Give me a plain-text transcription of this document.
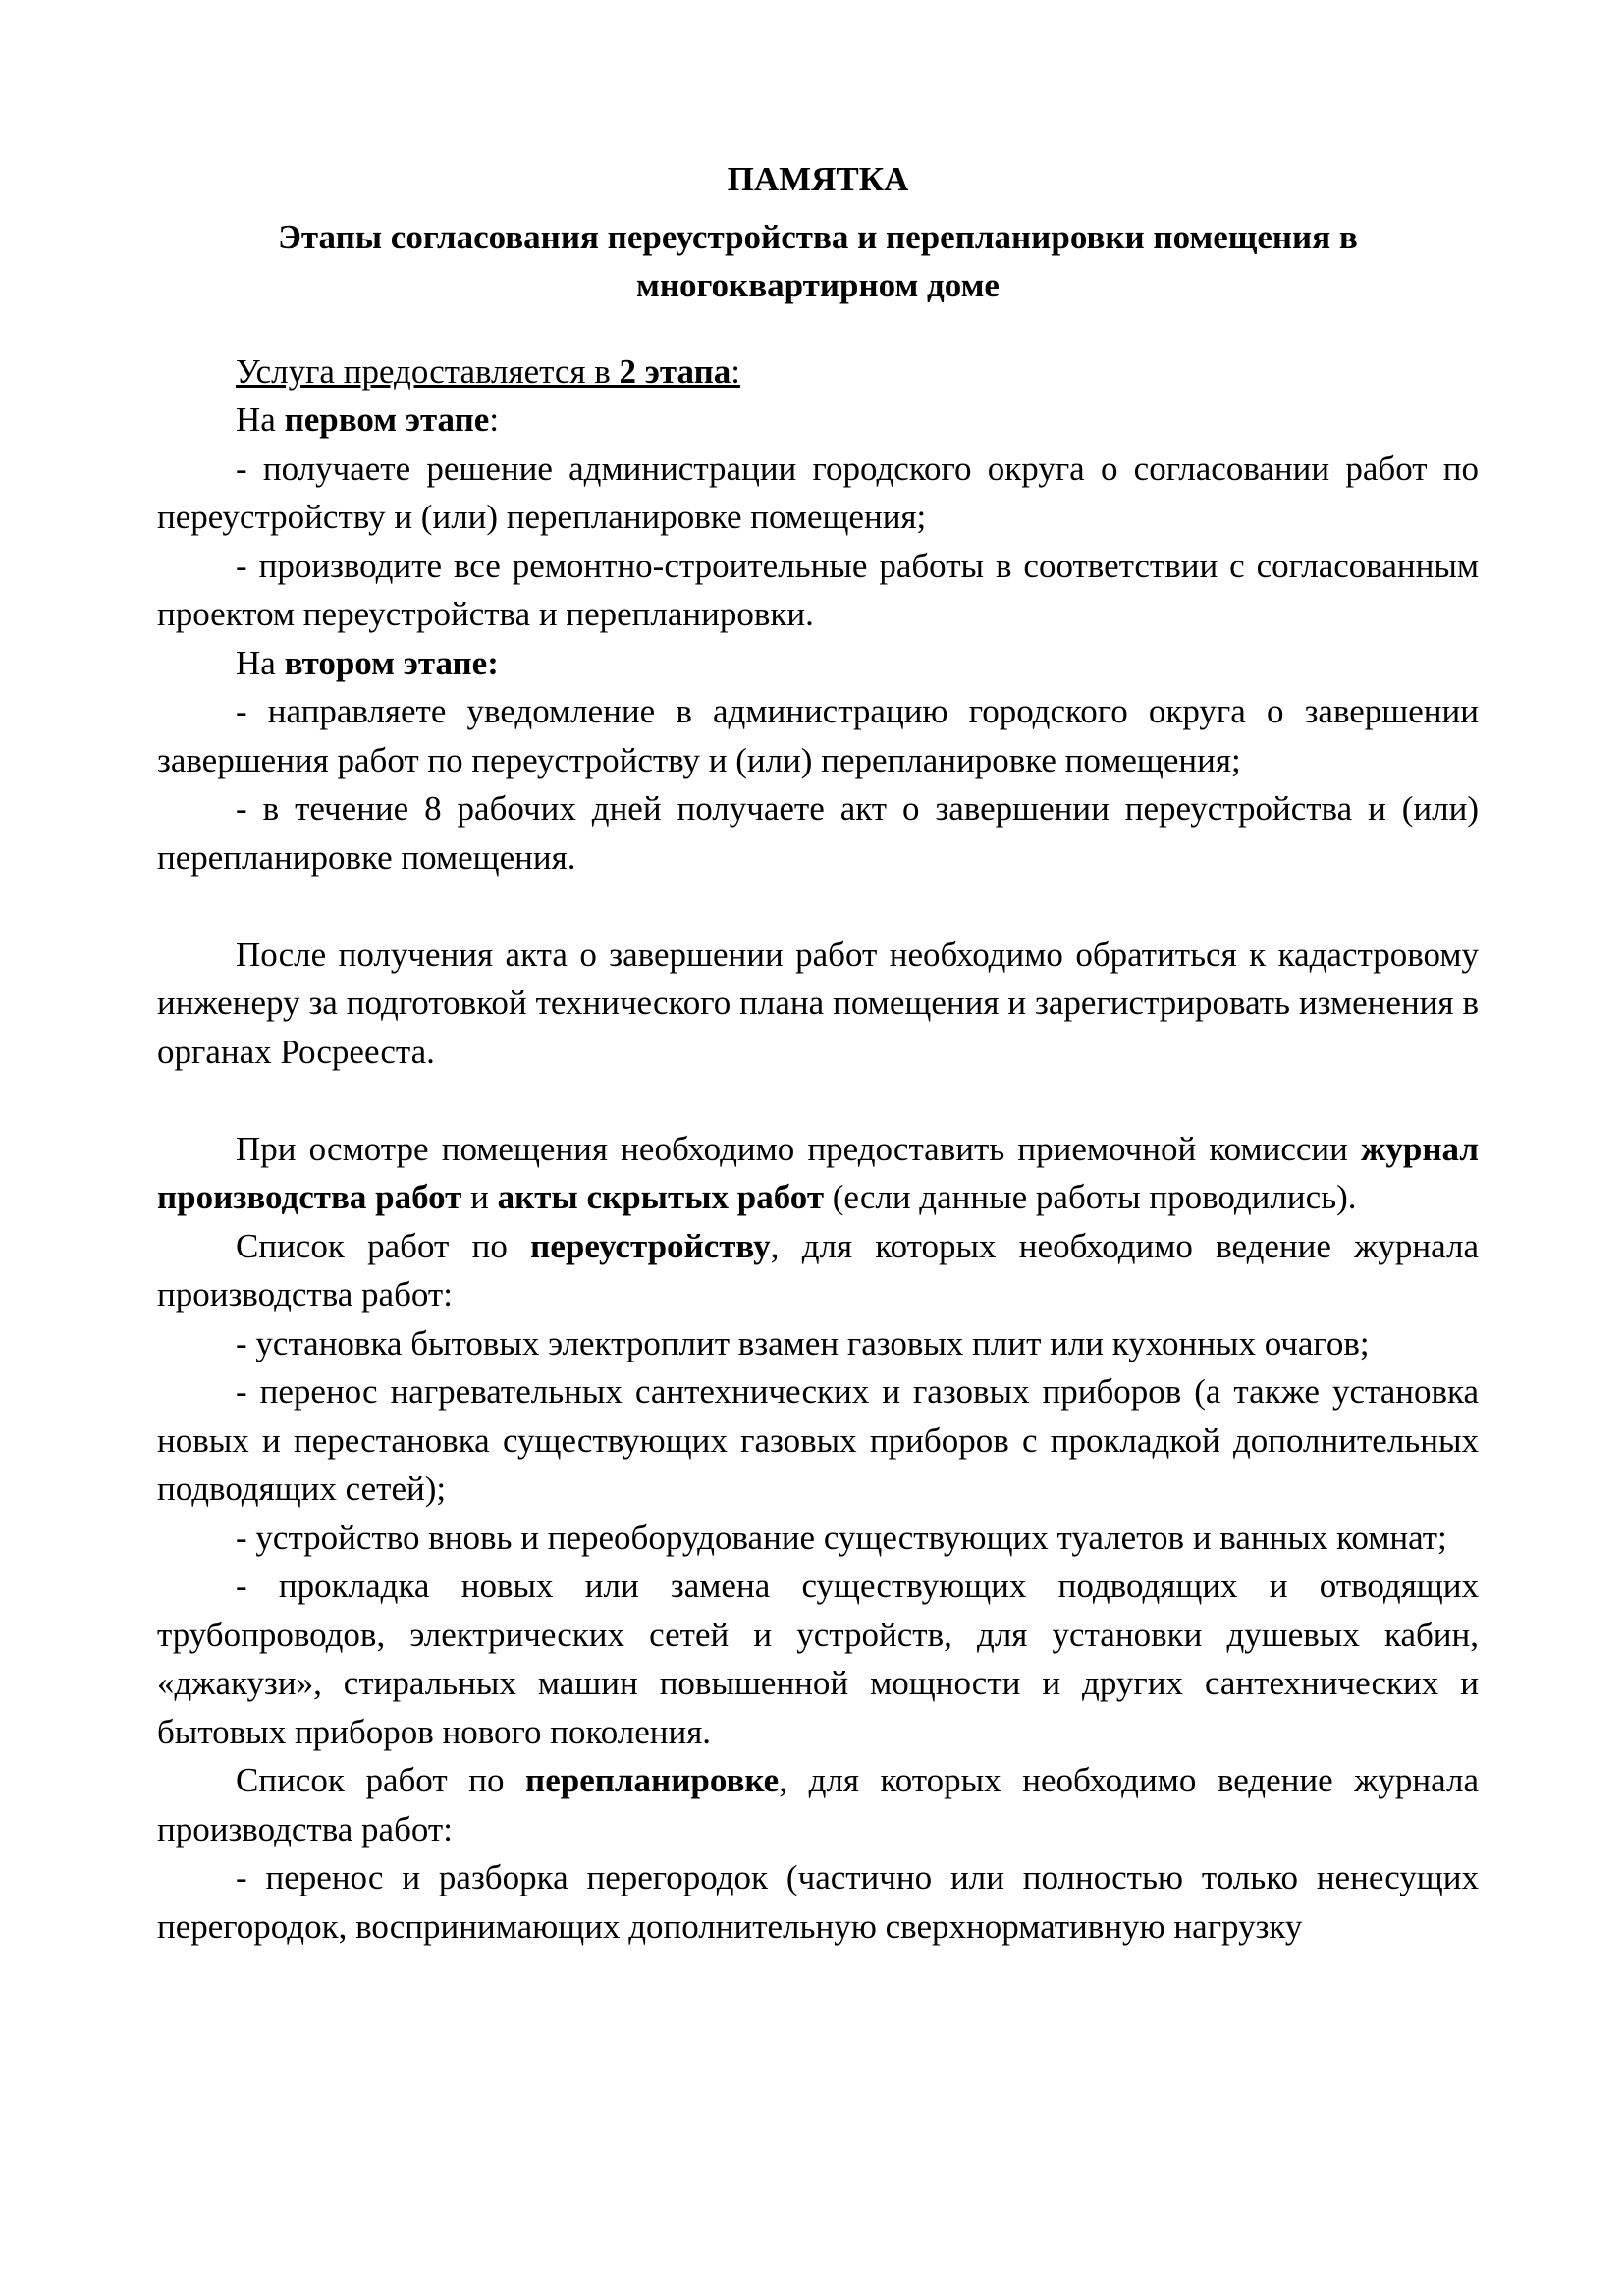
ПАМЯТКА
Этапы согласования переустройства и перепланировки помещения в многоквартирном доме

Услуга предоставляется в 2 этапа:

На первом этапе:

- получаете решение администрации городского округа о согласовании работ по переустройству и (или) перепланировке помещения;

- производите все ремонтно-строительные работы в соответствии с согласованным проектом переустройства и перепланировки.

На втором этапе:

- направляете уведомление в администрацию городского округа о завершении завершения работ по переустройству и (или) перепланировке помещения;

- в течение 8 рабочих дней получаете акт о завершении переустройства и (или) перепланировке помещения.

После получения акта о завершении работ необходимо обратиться к кадастровому инженеру за подготовкой технического плана помещения и зарегистрировать изменения в органах Росрееста.

При осмотре помещения необходимо предоставить приемочной комиссии журнал производства работ и акты скрытых работ (если данные работы проводились).

Список работ по переустройству, для которых необходимо ведение журнала производства работ:

- установка бытовых электроплит взамен газовых плит или кухонных очагов;

- перенос нагревательных сантехнических и газовых приборов (а также установка новых и перестановка существующих газовых приборов с прокладкой дополнительных подводящих сетей);

- устройство вновь и переоборудование существующих туалетов и ванных комнат;

- прокладка новых или замена существующих подводящих и отводящих трубопроводов, электрических сетей и устройств, для установки душевых кабин, «джакузи», стиральных машин повышенной мощности и других сантехнических и бытовых приборов нового поколения.

Список работ по перепланировке, для которых необходимо ведение журнала производства работ:

- перенос и разборка перегородок (частично или полностью только ненесущих перегородок, воспринимающих дополнительную сверхнормативную нагрузку
